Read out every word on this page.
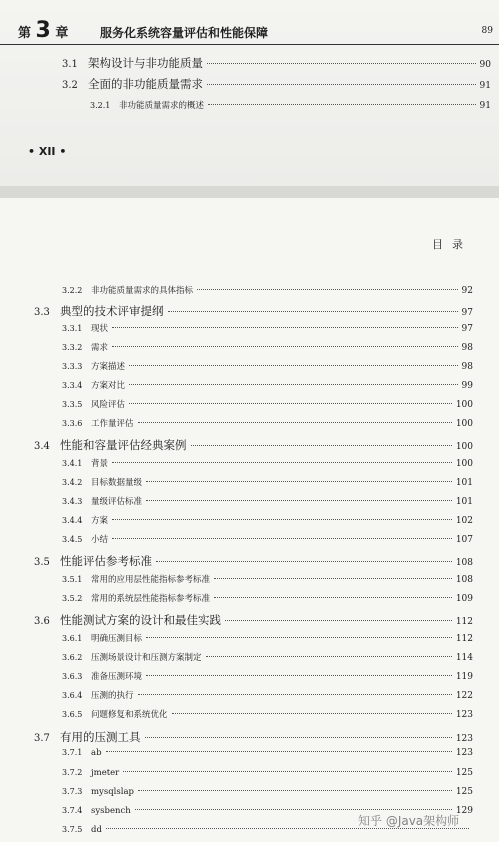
第 3 章	服务化系统容量评估和性能保障	89
3.1 架构设计与非功能质量	90
3.2 全面的非功能质量需求	91
3.2.1	非功能质量需求的概述	91
• XII •
目录
3.2.2	非功能质量需求的具体指标	92
3.3 典型的技术评审提纲	97
3.3.1	现状	97
3.3.2	需求	98
3.3.3	方案描述	98
3.3.4	方案对比	99
3.3.5	风险评估	100
3.3.6	工作量评估	100
3.4 性能和容量评估经典案例	100
3.4.1	背景	100
3.4.2	目标数据量级	101
3.4.3	量级评估标准	101
3.4.4	方案	102
3.4.5	小结	107
3.5 性能评估参考标准	108
3.5.1	常用的应用层性能指标参考标准	108
3.5.2	常用的系统层性能指标参考标准	109
3.6 性能测试方案的设计和最佳实践	112
3.6.1	明确压测目标	112
3.6.2	压测场景设计和压测方案制定	114
3.6.3	准备压测环境	119
3.6.4	压测的执行	122
3.6.5	问题修复和系统优化	123
3.7 有用的压测工具	123
3.7.1	ab	123
3.7.2	jmeter	125
3.7.3	mysqlslap	125
3.7.4	sysbench	129
3.7.5	dd
知乎 @Java架构师
